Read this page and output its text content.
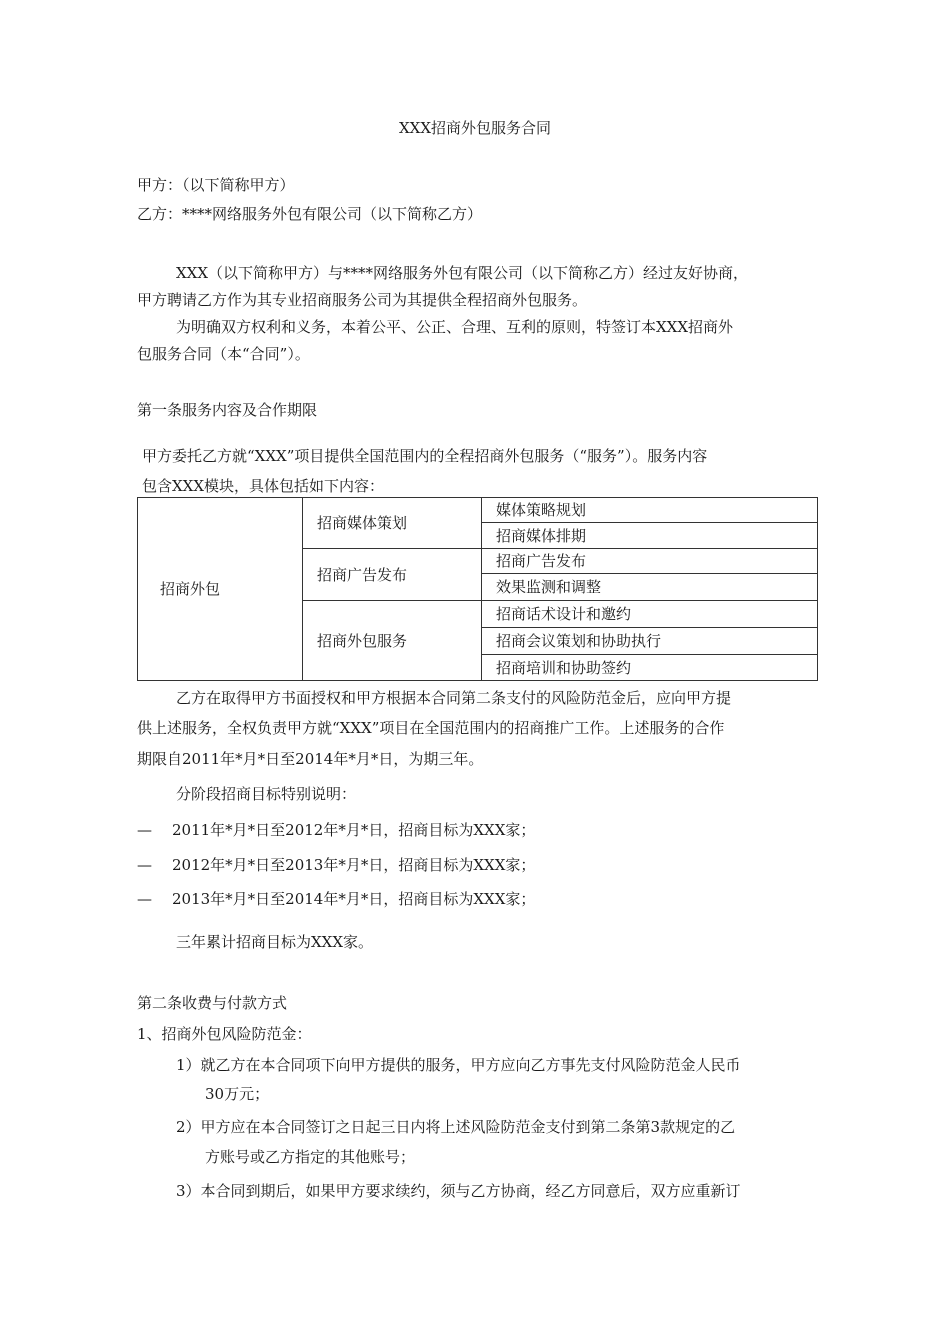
XXX招商外包服务合同
甲方：（以下简称甲方）
乙方：****网络服务外包有限公司（以下简称乙方）
XXX（以下简称甲方）与****网络服务外包有限公司（以下简称乙方）经过友好协商，
甲方聘请乙方作为其专业招商服务公司为其提供全程招商外包服务。
为明确双方权利和义务，本着公平、公正、合理、互利的原则，特签订本XXX招商外
包服务合同（本“合同”）。
第一条服务内容及合作期限
甲方委托乙方就“XXX”项目提供全国范围内的全程招商外包服务（“服务”）。服务内容
包含XXX模块，具体包括如下内容：
招商外包	招商媒体策划	媒体策略规划
		招商媒体排期
	招商广告发布	招商广告发布
		效果监测和调整
	招商外包服务	招商话术设计和邀约
		招商会议策划和协助执行
		招商培训和协助签约
乙方在取得甲方书面授权和甲方根据本合同第二条支付的风险防范金后，应向甲方提
供上述服务，全权负责甲方就“XXX”项目在全国范围内的招商推广工作。上述服务的合作
期限自2011年*月*日至2014年*月*日，为期三年。
分阶段招商目标特别说明：
— 2011年*月*日至2012年*月*日，招商目标为XXX家；
— 2012年*月*日至2013年*月*日，招商目标为XXX家；
— 2013年*月*日至2014年*月*日，招商目标为XXX家；
三年累计招商目标为XXX家。
第二条收费与付款方式
1、招商外包风险防范金：
1）就乙方在本合同项下向甲方提供的服务，甲方应向乙方事先支付风险防范金人民币
30万元；
2）甲方应在本合同签订之日起三日内将上述风险防范金支付到第二条第3款规定的乙
方账号或乙方指定的其他账号；
3）本合同到期后，如果甲方要求续约，须与乙方协商，经乙方同意后，双方应重新订
